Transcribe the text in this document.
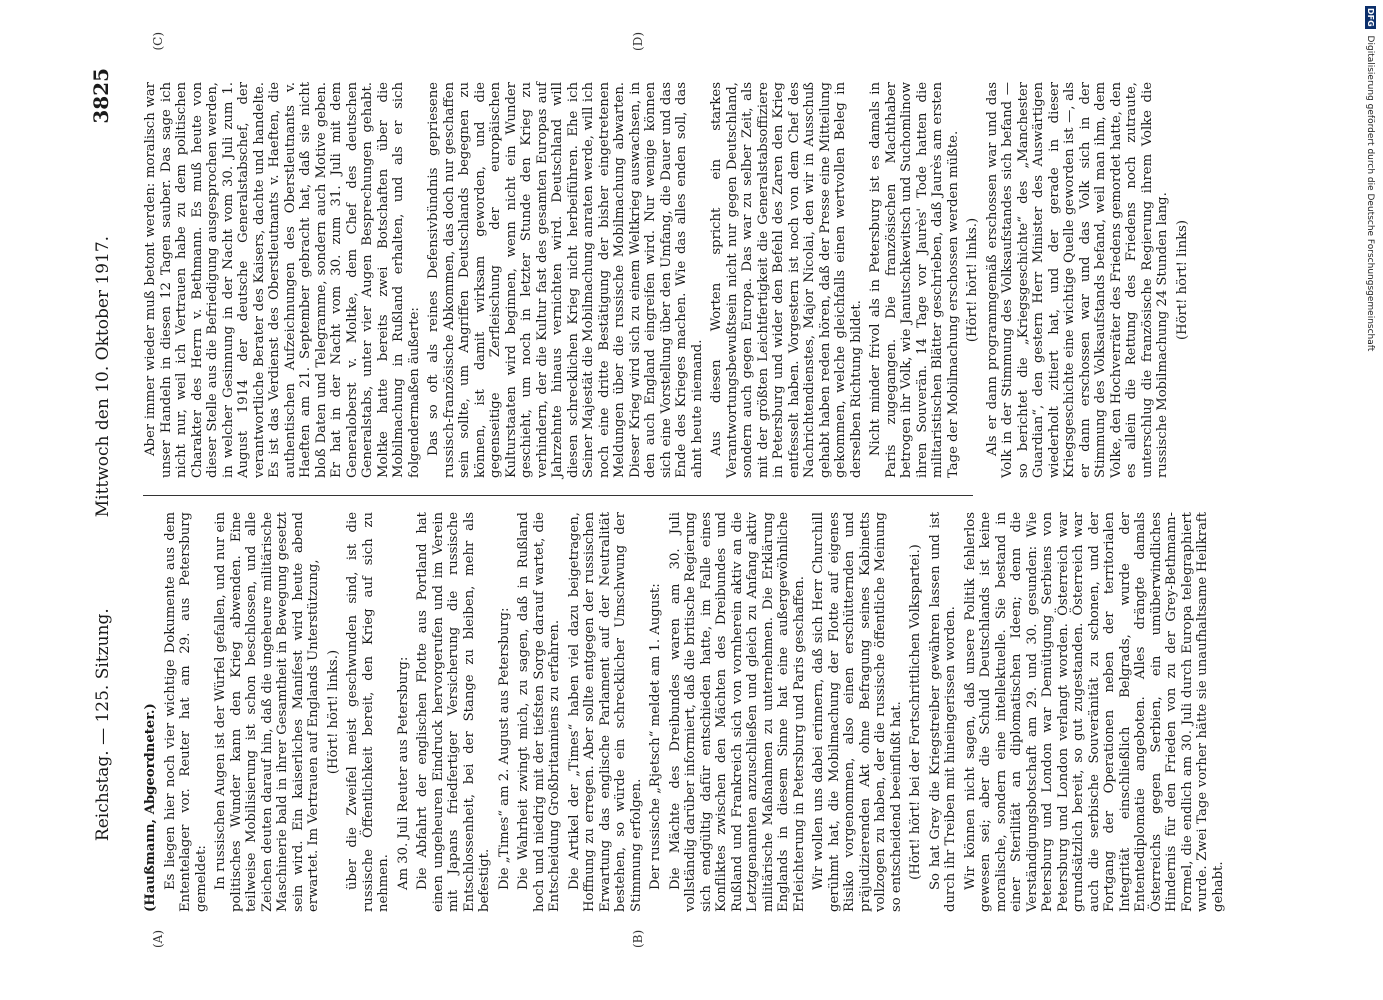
Reichstag. — 125. Sitzung.
Mittwoch den 10. Oktober 1917.
3825
(A)	(B)
(C)	(D)

(Haußmann, Abgeordneter.) Es liegen hier noch vier wichtige Dokumente aus dem Ententelager vor. Reuter hat am 29. aus Petersburg gemeldet: In russischen Augen ist der Würfel gefallen, und nur ein politisches Wunder kann den Krieg abwenden. Eine teilweise Mobilisierung ist schon beschlossen, und alle Zeichen deuten darauf hin, daß die ungeheure militärische Maschinerie bald in ihrer Gesamtheit in Bewegung gesetzt sein wird. Ein kaiserliches Manifest wird heute abend erwartet. Im Vertrauen auf Englands Unterstützung, (Hört! hört! links.) über die Zweifel meist geschwunden sind, ist die russische Öffentlichkeit bereit, den Krieg auf sich zu nehmen. Am 30. Juli Reuter aus Petersburg: Die Abfahrt der englischen Flotte aus Portland hat einen ungeheuren Eindruck hervorgerufen und im Verein mit Japans friedfertiger Versicherung die russische Entschlossenheit, bei der Stange zu bleiben, mehr als befestigt. Die „Times“ am 2. August aus Petersburg: Die Wahrheit zwingt mich, zu sagen, daß in Rußland hoch und niedrig mit der tiefsten Sorge darauf wartet, die Entscheidung Großbritanniens zu erfahren. Die Artikel der „Times“ haben viel dazu beigetragen, Hoffnung zu erregen. Aber sollte entgegen der russischen Erwartung das englische Parlament auf der Neutralität bestehen, so würde ein schrecklicher Umschwung der Stimmung erfolgen. Der russische „Rjetsch“ meldet am 1. August: Die Mächte des Dreibundes waren am 30. Juli vollständig darüber informiert, daß die britische Regierung sich endgültig dafür entschieden hatte, im Falle eines Konfliktes zwischen den Mächten des Dreibundes und Rußland und Frankreich sich von vornherein aktiv an die Letztgenannten anzuschließen und gleich zu Anfang aktiv militärische Maßnahmen zu unternehmen. Die Erklärung Englands in diesem Sinne hat eine außergewöhnliche Erleichterung in Petersburg und Paris geschaffen. Wir wollen uns dabei erinnern, daß sich Herr Churchill gerühmt hat, die Mobilmachung der Flotte auf eigenes Risiko vorgenommen, also einen erschütternden und präjudizierenden Akt ohne Befragung seines Kabinetts vollzogen zu haben, der die russische öffentliche Meinung so entscheidend beeinflußt hat. (Hört! hört! bei der Fortschrittlichen Volkspartei.) So hat Grey die Kriegstreiber gewähren lassen und ist durch ihr Treiben mit hineingerissen worden. Wir können nicht sagen, daß unsere Politik fehlerlos gewesen sei; aber die Schuld Deutschlands ist keine moralische, sondern eine intellektuelle. Sie bestand in einer Sterilität an diplomatischen Ideen; denn die Verständigungsbotschaft am 29. und 30. gesunden: Wie Petersburg und London war Demütigung Serbiens von Petersburg und London verlangt worden. Österreich war grundsätzlich bereit, so gut zugestanden. Österreich war auch die serbische Souveränität zu schonen, und der Fortgang der Operationen neben der territorialen Integrität einschließlich Belgrads, wurde der Ententediplomatie angeboten. Alles drängte damals Österreichs gegen Serbien, ein umüberwindliches Hindernis für den Frieden von zu der Grey-Bethmann-Formel, die endlich am 30. Juli durch Europa telegraphiert wurde. Zwei Tage vorher hätte sie unaufhaltsame Heilkraft gehabt.

Aber immer wieder muß betont werden: moralisch war unser Handeln in diesen 12 Tagen sauber. Das sage ich nicht nur, weil ich Vertrauen habe zu dem politischen Charakter des Herrn v. Bethmann. Es muß heute von dieser Stelle aus die Befriedigung ausgesprochen werden, in welcher Gesinnung in der Nacht vom 30. Juli zum 1. August 1914 der deutsche Generalstabschef, der verantwortliche Berater des Kaisers, dachte und handelte. Es ist das Verdienst des Oberstleutnants v. Haeften, die authentischen Aufzeichnungen des Oberstleutnants v. Haeften am 21. September gebracht hat, daß sie nicht bloß Daten und Telegramme, sondern auch Motive geben. Er hat in der Nacht vom 30. zum 31. Juli mit dem Generaloberst v. Moltke, dem Chef des deutschen Generalstabs, unter vier Augen Besprechungen gehabt. Moltke hatte bereits zwei Botschaften über die Mobilmachung in Rußland erhalten, und als er sich folgendermaßen äußerte: Das so oft als reines Defensivbündnis gepriesene russisch-französische Abkommen, das doch nur geschaffen sein sollte, um Angriffen Deutschlands begegnen zu können, ist damit wirksam geworden, und die gegenseitige Zerfleischung der europäischen Kulturstaaten wird beginnen, wenn nicht ein Wunder geschieht, um noch in letzter Stunde den Krieg zu verhindern, der die Kultur fast des gesamten Europas auf Jahrzehnte hinaus vernichten wird. Deutschland will diesen schrecklichen Krieg nicht herbeiführen. Ehe ich Seiner Majestät die Mobilmachung anraten werde, will ich noch eine dritte Bestätigung der bisher eingetretenen Meldungen über die russische Mobilmachung abwarten. Dieser Krieg wird sich zu einem Weltkrieg auswachsen, in den auch England eingreifen wird. Nur wenige können sich eine Vorstellung über den Umfang, die Dauer und das Ende des Krieges machen. Wie das alles enden soll, das ahnt heute niemand. Aus diesen Worten spricht ein starkes Verantwortungsbewußtsein nicht nur gegen Deutschland, sondern auch gegen Europa. Das war zu selber Zeit, als mit der größten Leichtfertigkeit die Generalstabsoffiziere in Petersburg und wider den Befehl des Zaren den Krieg entfesselt haben. Vorgestern ist noch von dem Chef des Nachrichtendienstes, Major Nicolai, den wir in Ausschuß gehabt haben reden hören, daß der Presse eine Mitteilung gekommen, welche gleichfalls einen wertvollen Beleg in derselben Richtung bildet. Nicht minder frivol als in Petersburg ist es damals in Paris zugegangen. Die französischen Machthaber betrogen ihr Volk, wie Janutschkewitsch und Suchomlinow ihren Souverän. 14 Tage vor Jaurès' Tode hatten die militaristischen Blätter geschrieben, daß Jaurès am ersten Tage der Mobilmachung erschossen werden müßte. (Hört! hört! links.) Als er dann programmgemäß erschossen war und das Volk in der Stimmung des Volksaufstandes sich befand — so berichtet die „Kriegsgeschichte“ des „Manchester Guardian“, den gestern Herr Minister des Auswärtigen wiederholt zitiert hat, und der gerade in dieser Kriegsgeschichte eine wichtige Quelle geworden ist —, als er dann erschossen war und das Volk sich in der Stimmung des Volksaufstands befand, weil man ihm, dem Volke, den Hochverräter des Friedens gemordet hatte, den es allein die Rettung des Friedens noch zutraute, unterschlug die französische Regierung ihrem Volke die russische Mobilmachung 24 Stunden lang. (Hört! hört! links)

DFG Digitalisierung gefördert durch die Deutsche Forschungsgemeinschaft
